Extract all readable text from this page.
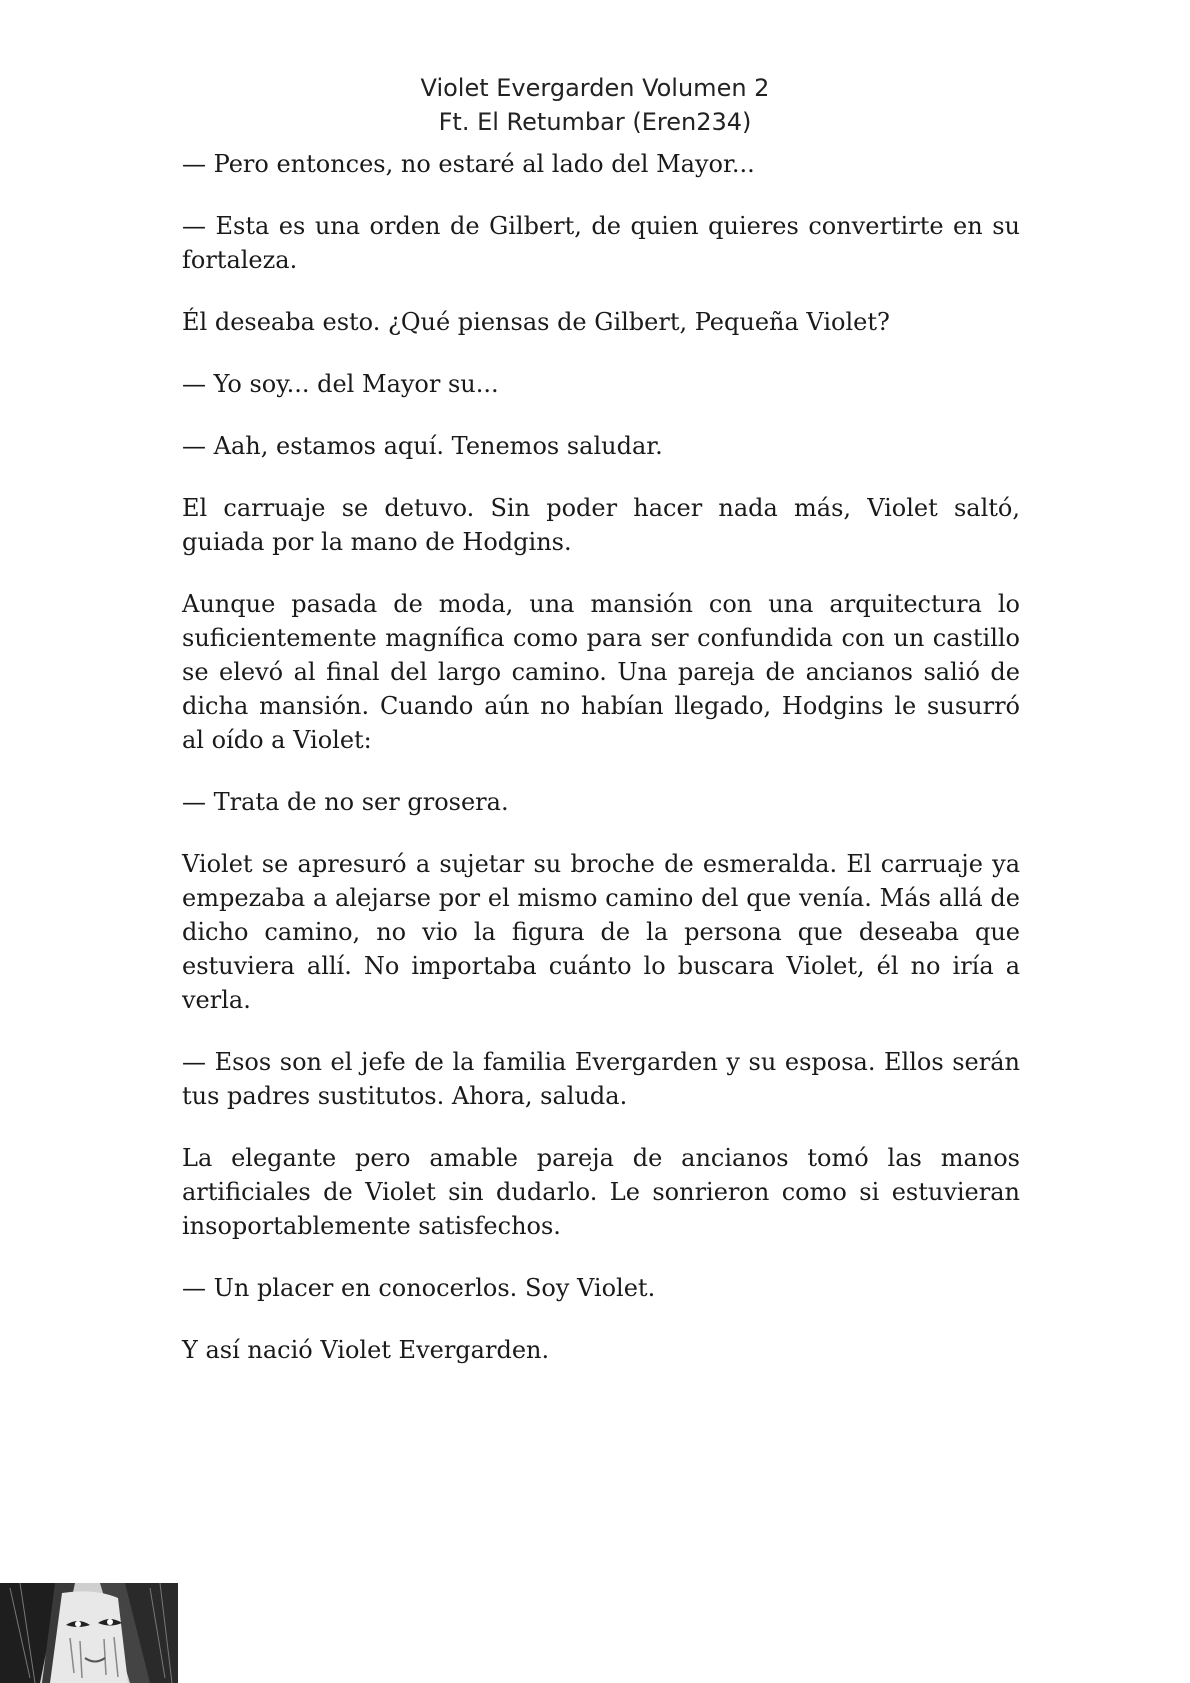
Violet Evergarden Volumen 2
Ft. El Retumbar (Eren234)

— Pero entonces, no estaré al lado del Mayor...

— Esta es una orden de Gilbert, de quien quieres convertirte en su fortaleza.

Él deseaba esto. ¿Qué piensas de Gilbert, Pequeña Violet?

— Yo soy... del Mayor su...

— Aah, estamos aquí. Tenemos saludar.

El carruaje se detuvo. Sin poder hacer nada más, Violet saltó, guiada por la mano de Hodgins.

Aunque pasada de moda, una mansión con una arquitectura lo suficientemente magnífica como para ser confundida con un castillo se elevó al final del largo camino. Una pareja de ancianos salió de dicha mansión. Cuando aún no habían llegado, Hodgins le susurró al oído a Violet:

— Trata de no ser grosera.

Violet se apresuró a sujetar su broche de esmeralda. El carruaje ya empezaba a alejarse por el mismo camino del que venía. Más allá de dicho camino, no vio la figura de la persona que deseaba que estuviera allí. No importaba cuánto lo buscara Violet, él no iría a verla.

— Esos son el jefe de la familia Evergarden y su esposa. Ellos serán tus padres sustitutos. Ahora, saluda.

La elegante pero amable pareja de ancianos tomó las manos artificiales de Violet sin dudarlo. Le sonrieron como si estuvieran insoportablemente satisfechos.

— Un placer en conocerlos. Soy Violet.

Y así nació Violet Evergarden.
